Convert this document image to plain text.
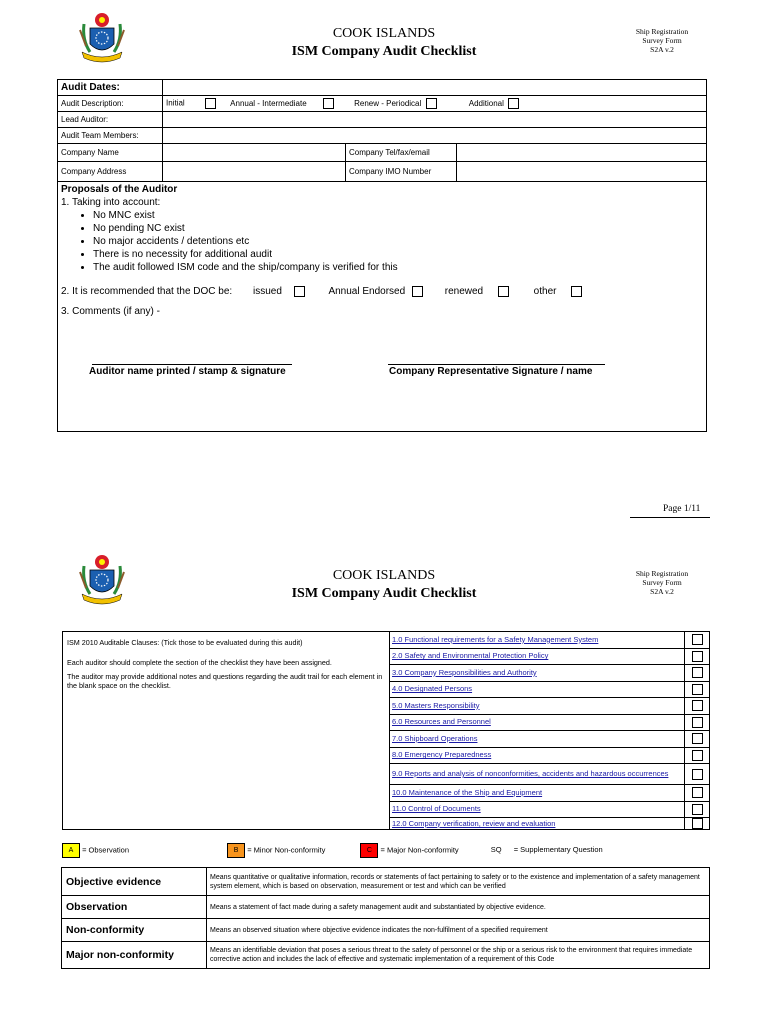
COOK ISLANDS
ISM Company Audit Checklist
Ship Registration
Survey Form
S2A v.2
Audit Dates:			
Audit Description:	Initial Annual - Intermediate Renew - Periodical Additional		
Lead Auditor:			
Audit Team Members:			
Company Name		Company Tel/fax/email	
Company Address		Company IMO Number	
Proposals of the Auditor
1. Taking into account:
• No MNC exist
• No pending NC exist
• No major accidents / detentions etc
• There is no necessity for additional audit
• The audit followed ISM code and the ship/company is verified for this
2. It is recommended that the DOC be: issued	Annual Endorsed	renewed	other
3. Comments (if any) -
Auditor name printed / stamp & signature	Company Representative Signature / name
Page 1/11
COOK ISLANDS
ISM Company Audit Checklist
Ship Registration
Survey Form
S2A v.2
ISM 2010 Auditable Clauses: (Tick those to be evaluated during this audit)
Each auditor should complete the section of the checklist they have been assigned.
The auditor may provide additional notes and questions regarding the audit trail for each element in the blank space on the checklist.	1.0 Functional requirements for a Safety Management System	
	2.0 Safety and Environmental Protection Policy	
	3.0 Company Responsibilities and Authority	
	4.0 Designated Persons	
	5.0 Masters Responsibility	
	6.0 Resources and Personnel	
	7.0 Shipboard Operations	
	8.0 Emergency Preparedness	
	9.0 Reports and analysis of nonconformities, accidents and hazardous occurrences	
	10.0 Maintenance of the Ship and Equipment	
	11.0 Control of Documents	
	12.0 Company verification, review and evaluation	
A = Observation	B = Minor Non-conformity	C = Major Non-conformity	SQ = Supplementary Question
Objective evidence	Means quantitative or qualitative information, records or statements of fact pertaining to safety or to the existence and implementation of a safety management system element, which is based on observation, measurement or test and which can be verified
Observation	Means a statement of fact made during a safety management audit and substantiated by objective evidence.
Non-conformity	Means an observed situation where objective evidence indicates the non-fulfilment of a specified requirement
Major non-conformity	Means an identifiable deviation that poses a serious threat to the safety of personnel or the ship or a serious risk to the environment that requires immediate corrective action and includes the lack of effective and systematic implementation of a requirement of this Code
